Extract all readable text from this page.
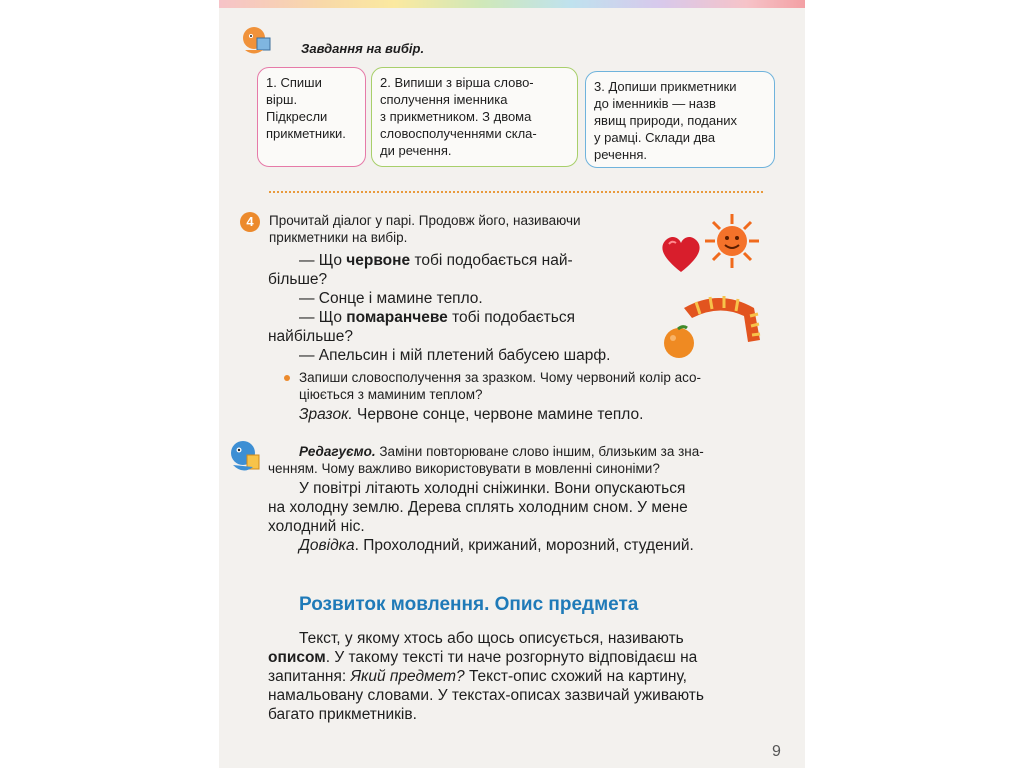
Завдання на вибір.
1. Спиши
вірш.
Підкресли
прикметники.
2. Випиши з вірша слово-
сполучення іменника
з прикметником. З двома
словосполученнями скла-
ди речення.
3. Допиши прикметники
до іменників — назв
явищ природи, поданих
у рамці. Склади два
речення.
4	Прочитай діалог у парі. Продовж його, називаючи
прикметники на вибір.
— Що червоне тобі подобається най-
більше?
— Сонце і мамине тепло.
— Що помаранчеве тобі подобається
найбільше?
— Апельсин і мій плетений бабусею шарф.
Запиши словосполучення за зразком. Чому червоний колір асо-
ціюється з маминим теплом?
Зразок. Червоне сонце, червоне мамине тепло.
Редагуємо. Заміни повторюване слово іншим, близьким за зна-
ченням. Чому важливо використовувати в мовленні синоніми?
У повітрі літають холодні сніжинки. Вони опускаються
на холодну землю. Дерева сплять холодним сном. У мене
холодний ніс.
Довідка. Прохолодний, крижаний, морозний, студений.
Розвиток мовлення. Опис предмета
Текст, у якому хтось або щось описується, називають
описом. У такому тексті ти наче розгорнуто відповідаєш на
запитання: Який предмет? Текст-опис схожий на картину,
намальовану словами. У текстах-описах зазвичай уживають
багато прикметників.
9
